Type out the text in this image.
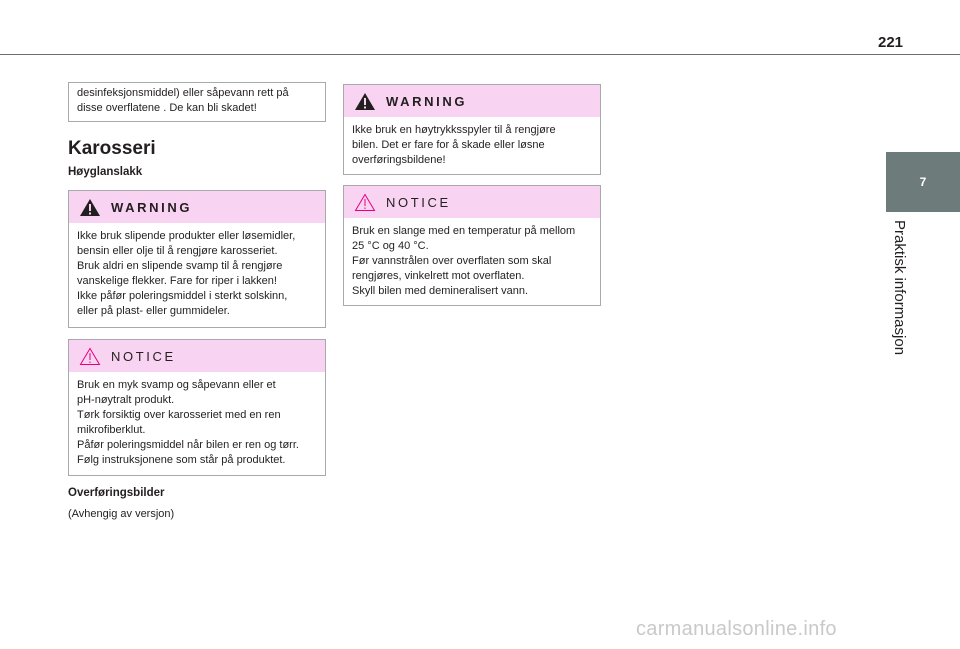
221
7
Praktisk informasjon
desinfeksjonsmiddel) eller såpevann rett på
disse overflatene . De kan bli skadet!
Karosseri
Høyglanslakk
WARNING

Ikke bruk slipende produkter eller løsemidler,

bensin eller olje til å rengjøre karosseriet.

Bruk aldri en slipende svamp til å rengjøre

vanskelige flekker. Fare for riper i lakken!

Ikke påfør poleringsmiddel i sterkt solskinn,

eller på plast- eller gummideler.

NOTICE

Bruk en myk svamp og såpevann eller et

pH-nøytralt produkt.

Tørk forsiktig over karosseriet med en ren

mikrofiberklut.

Påfør poleringsmiddel når bilen er ren og tørr.

Følg instruksjonene som står på produktet.

Overføringsbilder
(Avhengig av versjon)
WARNING

Ikke bruk en høytrykksspyler til å rengjøre

bilen. Det er fare for å skade eller løsne

overføringsbildene!

NOTICE

Bruk en slange med en temperatur på mellom

25 °C og 40 °C.

Før vannstrålen over overflaten som skal

rengjøres, vinkelrett mot overflaten.

Skyll bilen med demineralisert vann.

carmanualsonline.info
